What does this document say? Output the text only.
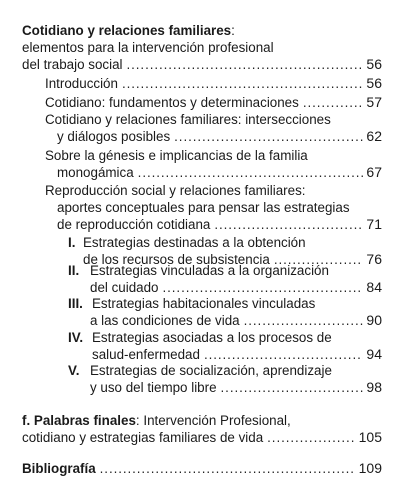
Cotidiano y relaciones familiares:
elementos para la intervención profesional
del trabajo social . . .	56
Introducción . . .	56
Cotidiano: fundamentos y determinaciones . . .	57
Cotidiano y relaciones familiares: intersecciones
y diálogos posibles . . .	62
Sobre la génesis e implicancias de la familia
monogámica . . .	67
Reproducción social y relaciones familiares:
aportes conceptuales para pensar las estrategias
de reproducción cotidiana . . .	71
I. Estrategias destinadas a la obtención
de los recursos de subsistencia . . .	76
II. Estrategias vinculadas a la organización
del cuidado . . .	84
III. Estrategias habitacionales vinculadas
a las condiciones de vida . . .	90
IV. Estrategias asociadas a los procesos de
salud-enfermedad . . .	94
V. Estrategias de socialización, aprendizaje
y uso del tiempo libre . . .	98
f. Palabras finales: Intervención Profesional,
cotidiano y estrategias familiares de vida . . .	105
Bibliografía . . .	109
